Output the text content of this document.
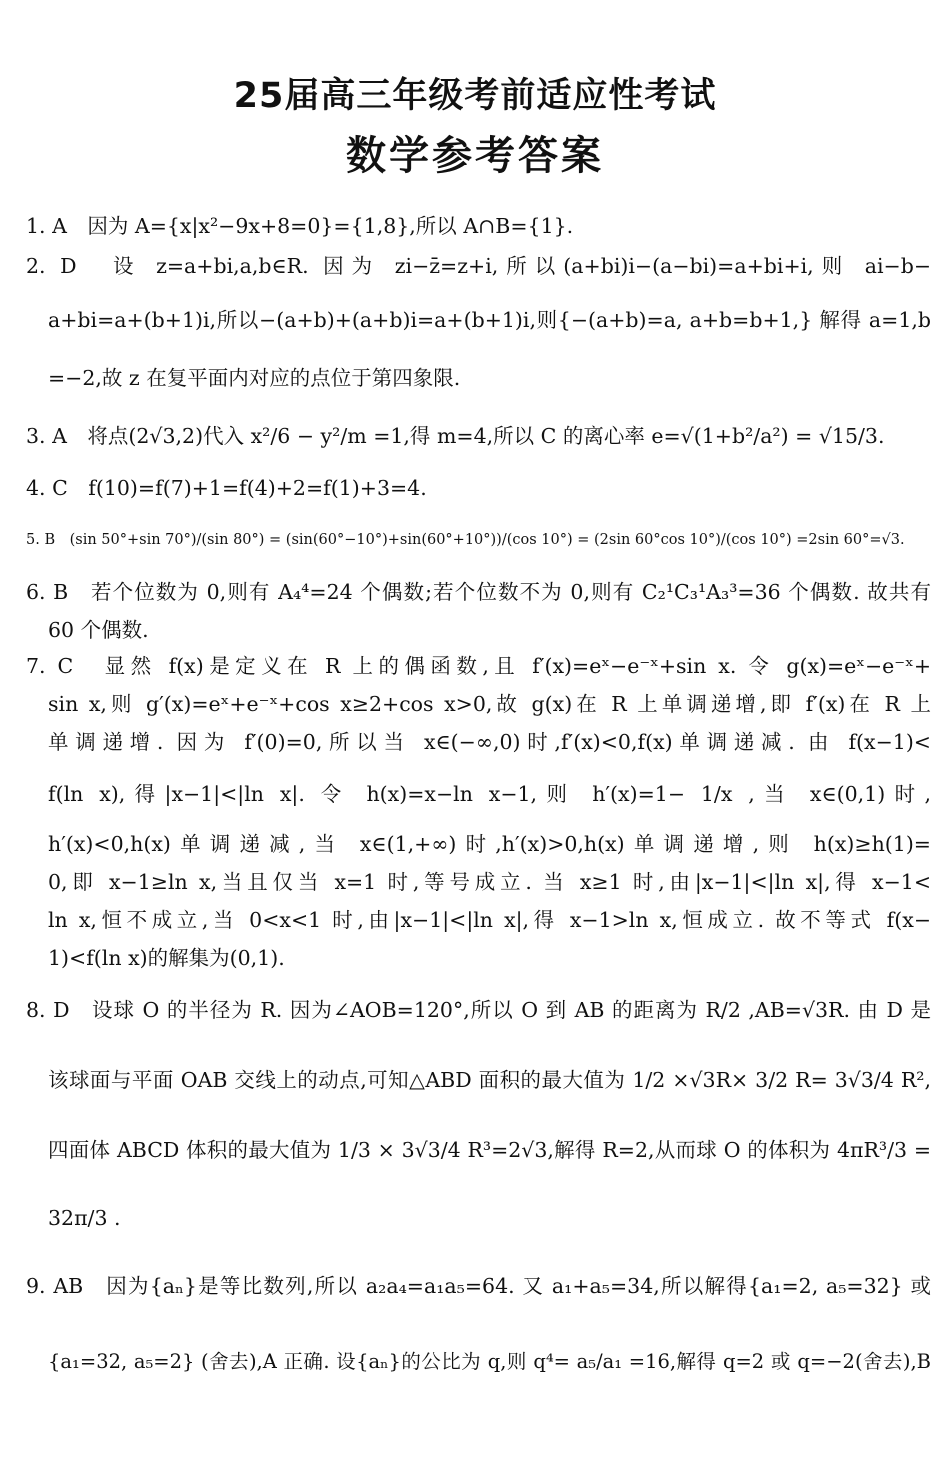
25届高三年级考前适应性考试
数学参考答案
1. A　因为 A={x|x²−9x+8=0}={1,8},所以 A∩B={1}.
2. D　设 z=a+bi,a,b∈R. 因为 zi−z̄=z+i,所以(a+bi)i−(a−bi)=a+bi+i,则 ai−b−
a+bi=a+(b+1)i,所以−(a+b)+(a+b)i=a+(b+1)i,则{−(a+b)=a, a+b=b+1,} 解得 a=1,b
=−2,故 z 在复平面内对应的点位于第四象限.
3. A　将点(2√3,2)代入 x²/6 − y²/m =1,得 m=4,所以 C 的离心率 e=√(1+b²/a²) = √15/3.
4. C　f(10)=f(7)+1=f(4)+2=f(1)+3=4.
5. B　(sin 50°+sin 70°)/(sin 80°) = (sin(60°−10°)+sin(60°+10°))/(cos 10°) = (2sin 60°cos 10°)/(cos 10°) =2sin 60°=√3.
6. B　若个位数为 0,则有 A₄⁴=24 个偶数;若个位数不为 0,则有 C₂¹C₃¹A₃³=36 个偶数. 故共有
60 个偶数.
7. C　显然 f(x)是定义在 R 上的偶函数,且 f′(x)=eˣ−e⁻ˣ+sin x. 令 g(x)=eˣ−e⁻ˣ+
sin x,则 g′(x)=eˣ+e⁻ˣ+cos x≥2+cos x>0,故 g(x)在 R 上单调递增,即 f′(x)在 R 上
单调递增. 因为 f′(0)=0,所以当 x∈(−∞,0)时,f′(x)<0,f(x)单调递减. 由 f(x−1)<
f(ln x),得|x−1|<|ln x|. 令 h(x)=x−ln x−1,则 h′(x)=1− 1/x ,当 x∈(0,1)时,
h′(x)<0,h(x)单调递减,当 x∈(1,+∞)时,h′(x)>0,h(x)单调递增,则 h(x)≥h(1)=
0,即 x−1≥ln x,当且仅当 x=1 时,等号成立. 当 x≥1 时,由|x−1|<|ln x|,得 x−1<
ln x,恒不成立,当 0<x<1 时,由|x−1|<|ln x|,得 x−1>ln x,恒成立. 故不等式 f(x−
1)<f(ln x)的解集为(0,1).
8. D　设球 O 的半径为 R. 因为∠AOB=120°,所以 O 到 AB 的距离为 R/2 ,AB=√3R. 由 D 是
该球面与平面 OAB 交线上的动点,可知△ABD 面积的最大值为 1/2 ×√3R× 3/2 R= 3√3/4 R²,
四面体 ABCD 体积的最大值为 1/3 × 3√3/4 R³=2√3,解得 R=2,从而球 O 的体积为 4πR³/3 =
32π/3 .
9. AB　因为{aₙ}是等比数列,所以 a₂a₄=a₁a₅=64. 又 a₁+a₅=34,所以解得{a₁=2, a₅=32} 或
{a₁=32, a₅=2} (舍去),A 正确. 设{aₙ}的公比为 q,则 q⁴= a₅/a₁ =16,解得 q=2 或 q=−2(舍去),B
